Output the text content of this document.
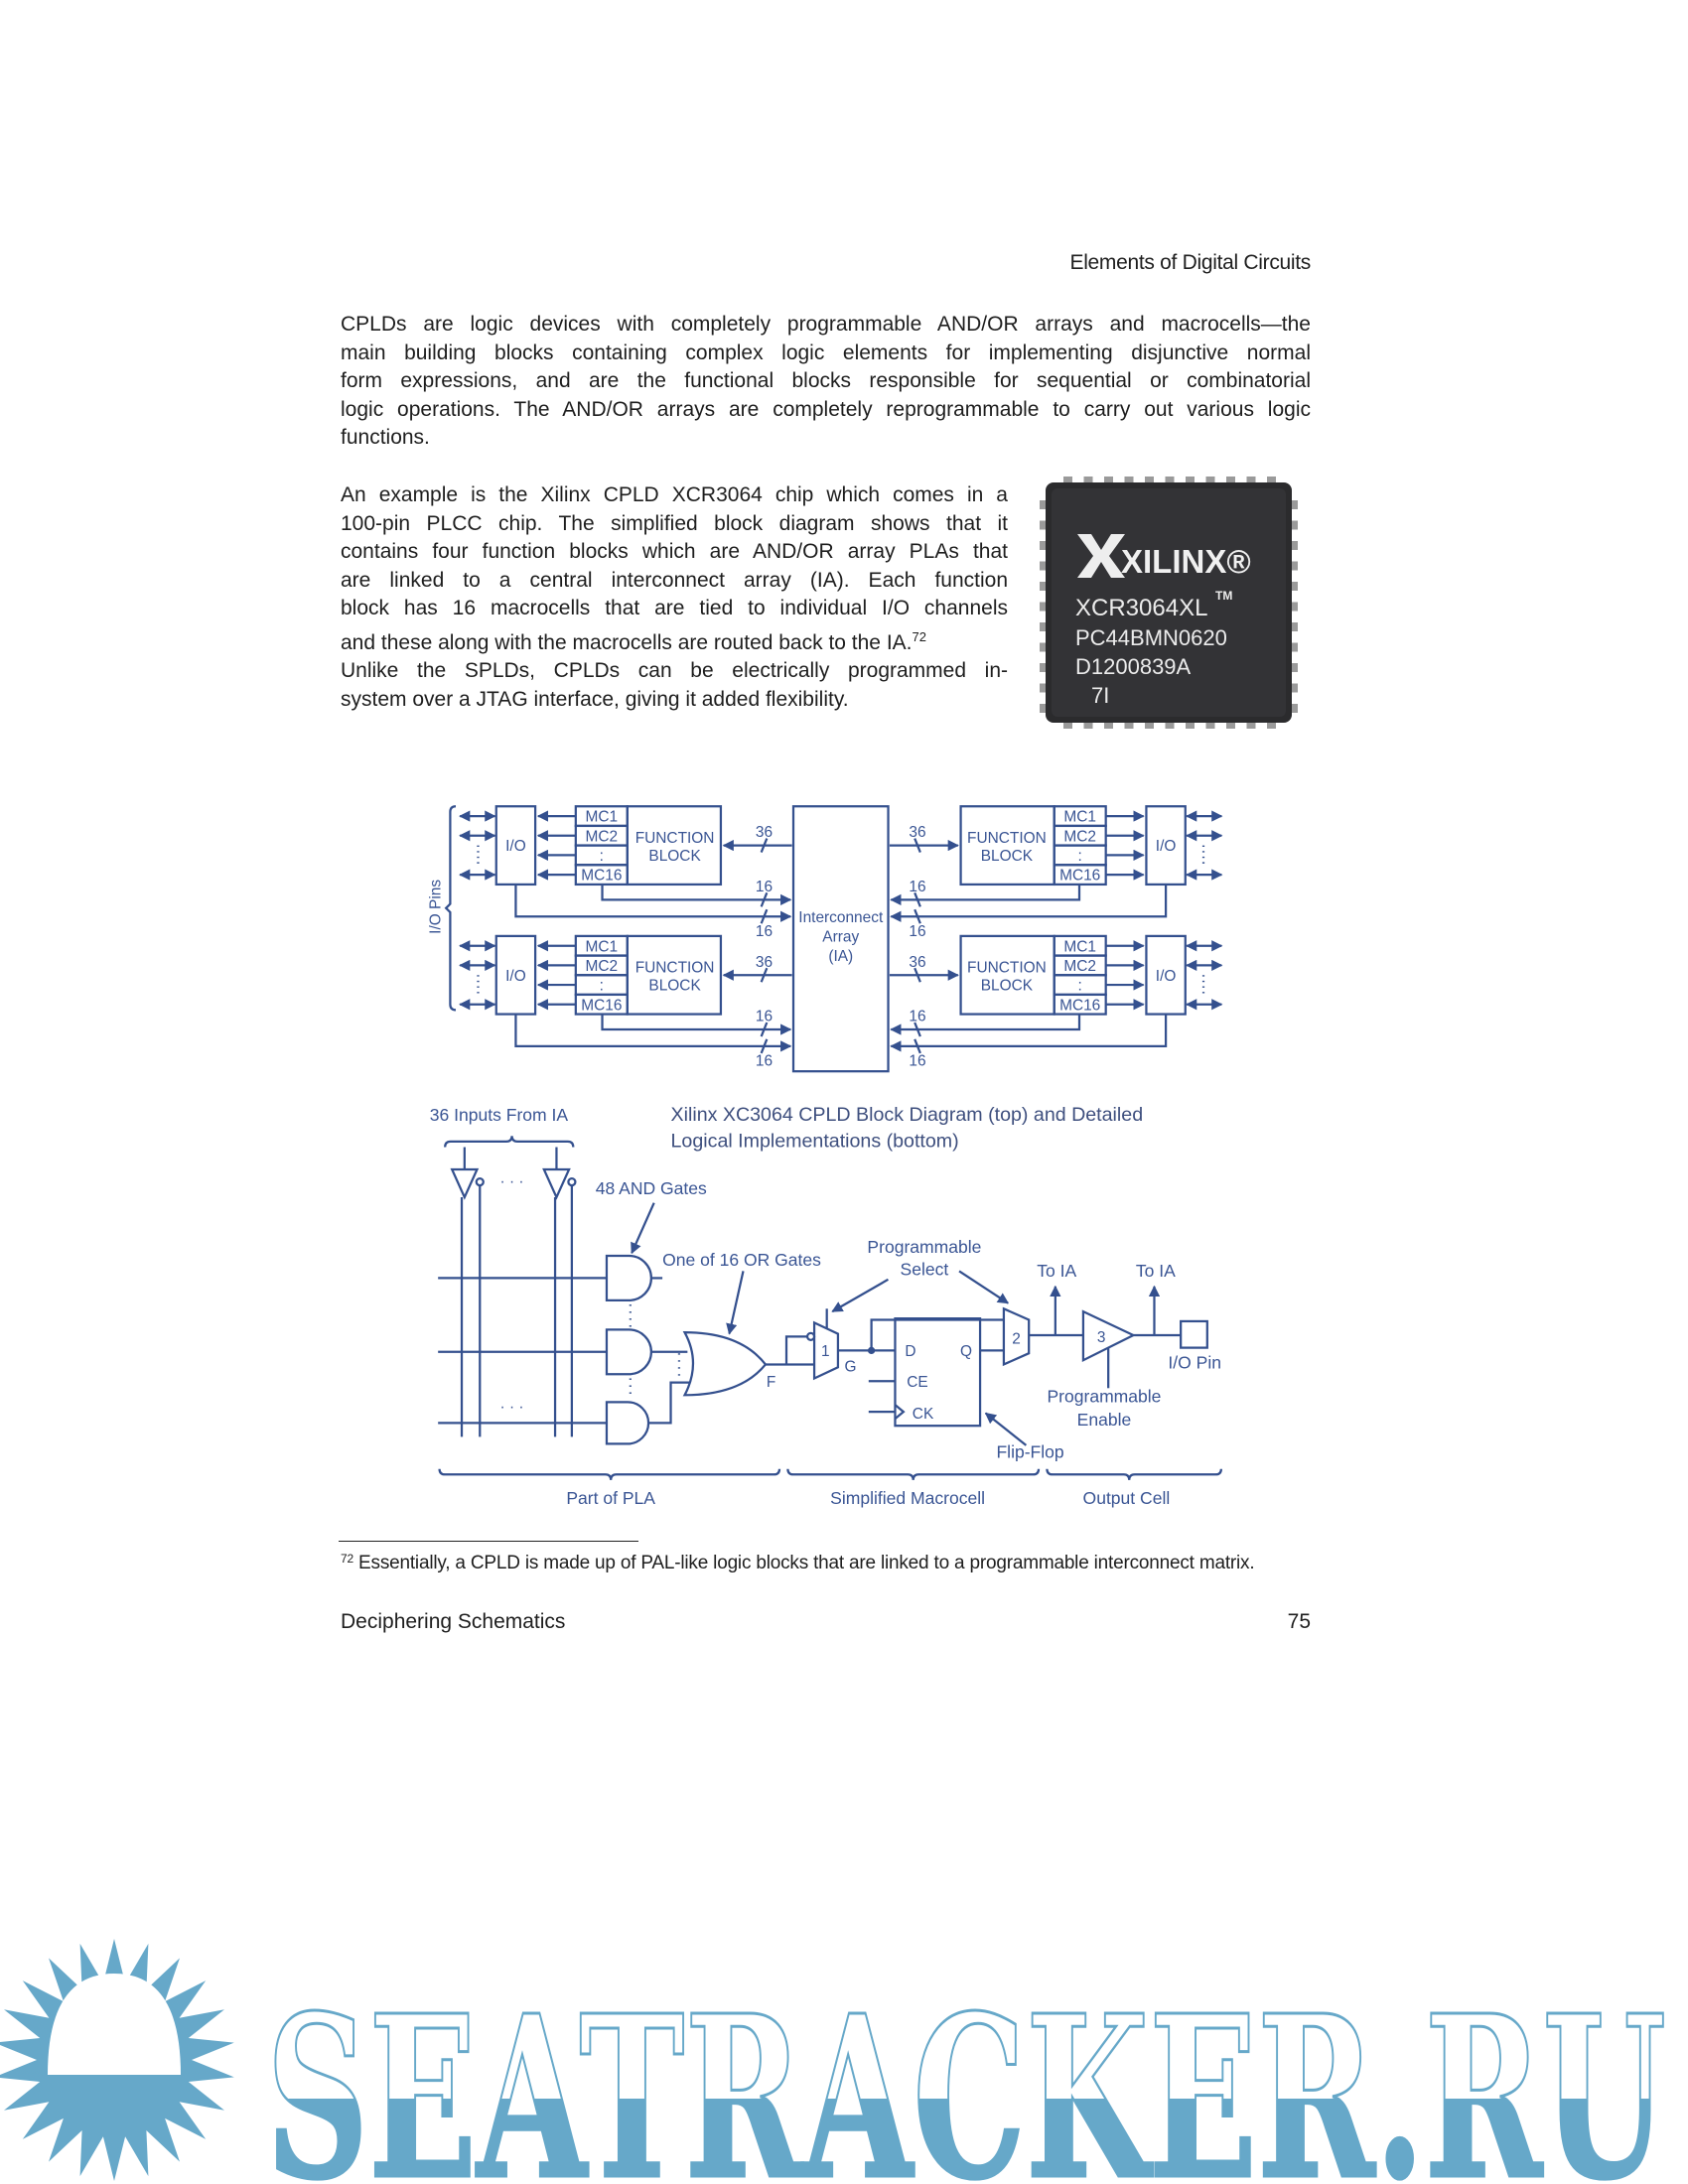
Elements of Digital Circuits
CPLDs are logic devices with completely programmable AND/OR arrays and macrocells—the
main building blocks containing complex logic elements for implementing disjunctive normal
form expressions, and are the functional blocks responsible for sequential or combinatorial
logic operations. The AND/OR arrays are completely reprogrammable to carry out various logic
functions.
An example is the Xilinx CPLD XCR3064 chip which comes in a
100-pin PLCC chip. The simplified block diagram shows that it
contains four function blocks which are AND/OR array PLAs that
are linked to a central interconnect array (IA). Each function
block has 16 macrocells that are tied to individual I/O channels
and these along with the macrocells are routed back to the IA.$^{72}$
Unlike the SPLDs, CPLDs can be electrically programmed in-
system over a JTAG interface, giving it added flexibility.
XILINX®
XCR3064XL TM
PC44BMN0620
D1200839A
7I
I/O Pins	Interconnect
Array
(IA)
I/O
MC1
MC2
:
MC16
FUNCTION
BLOCK
36
16
16
I/O
MC1
MC2
:
MC16
FUNCTION
BLOCK
36
16
16
I/O
MC1
MC2
:
MC16
FUNCTION
BLOCK
36
16
16
I/O
MC1
MC2
:
MC16
FUNCTION
BLOCK
36
16
16
36 Inputs From IA	Xilinx XC3064 CPLD Block Diagram (top) and Detailed
Logical Implementations (bottom)
· · ·
· · ·
48 AND Gates
One of 16 OR Gates
F
1
G
Programmable
Select
D	Q
CE
CK
Flip-Flop
2
To IA
3
To IA
I/O Pin
Programmable
Enable
Part of PLA	Simplified Macrocell	Output Cell
$^{72}$ Essentially, a CPLD is made up of PAL-like logic blocks that are linked to a programmable interconnect matrix.
Deciphering Schematics	75
SEATRACKER.RU
